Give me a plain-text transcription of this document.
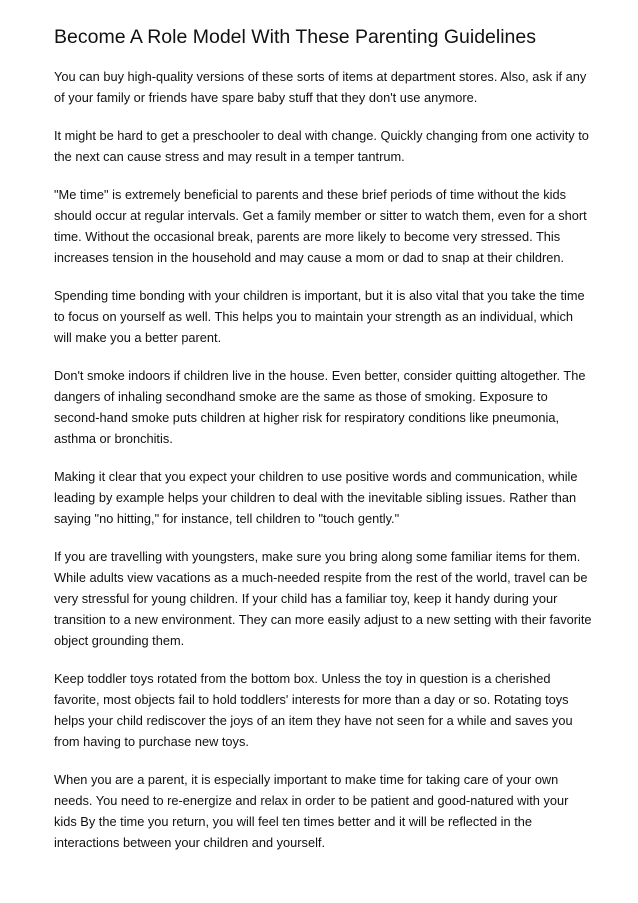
Become A Role Model With These Parenting Guidelines

You can buy high-quality versions of these sorts of items at department stores. Also, ask if any of your family or friends have spare baby stuff that they don't use anymore.

It might be hard to get a preschooler to deal with change. Quickly changing from one activity to the next can cause stress and may result in a temper tantrum.

"Me time" is extremely beneficial to parents and these brief periods of time without the kids should occur at regular intervals. Get a family member or sitter to watch them, even for a short time. Without the occasional break, parents are more likely to become very stressed. This increases tension in the household and may cause a mom or dad to snap at their children.

Spending time bonding with your children is important, but it is also vital that you take the time to focus on yourself as well. This helps you to maintain your strength as an individual, which will make you a better parent.

Don't smoke indoors if children live in the house. Even better, consider quitting altogether. The dangers of inhaling secondhand smoke are the same as those of smoking. Exposure to second-hand smoke puts children at higher risk for respiratory conditions like pneumonia, asthma or bronchitis.

Making it clear that you expect your children to use positive words and communication, while leading by example helps your children to deal with the inevitable sibling issues. Rather than saying "no hitting," for instance, tell children to "touch gently."

If you are travelling with youngsters, make sure you bring along some familiar items for them. While adults view vacations as a much-needed respite from the rest of the world, travel can be very stressful for young children. If your child has a familiar toy, keep it handy during your transition to a new environment. They can more easily adjust to a new setting with their favorite object grounding them.

Keep toddler toys rotated from the bottom box. Unless the toy in question is a cherished favorite, most objects fail to hold toddlers' interests for more than a day or so. Rotating toys helps your child rediscover the joys of an item they have not seen for a while and saves you from having to purchase new toys.

When you are a parent, it is especially important to make time for taking care of your own needs. You need to re-energize and relax in order to be patient and good-natured with your kids By the time you return, you will feel ten times better and it will be reflected in the interactions between your children and yourself.
